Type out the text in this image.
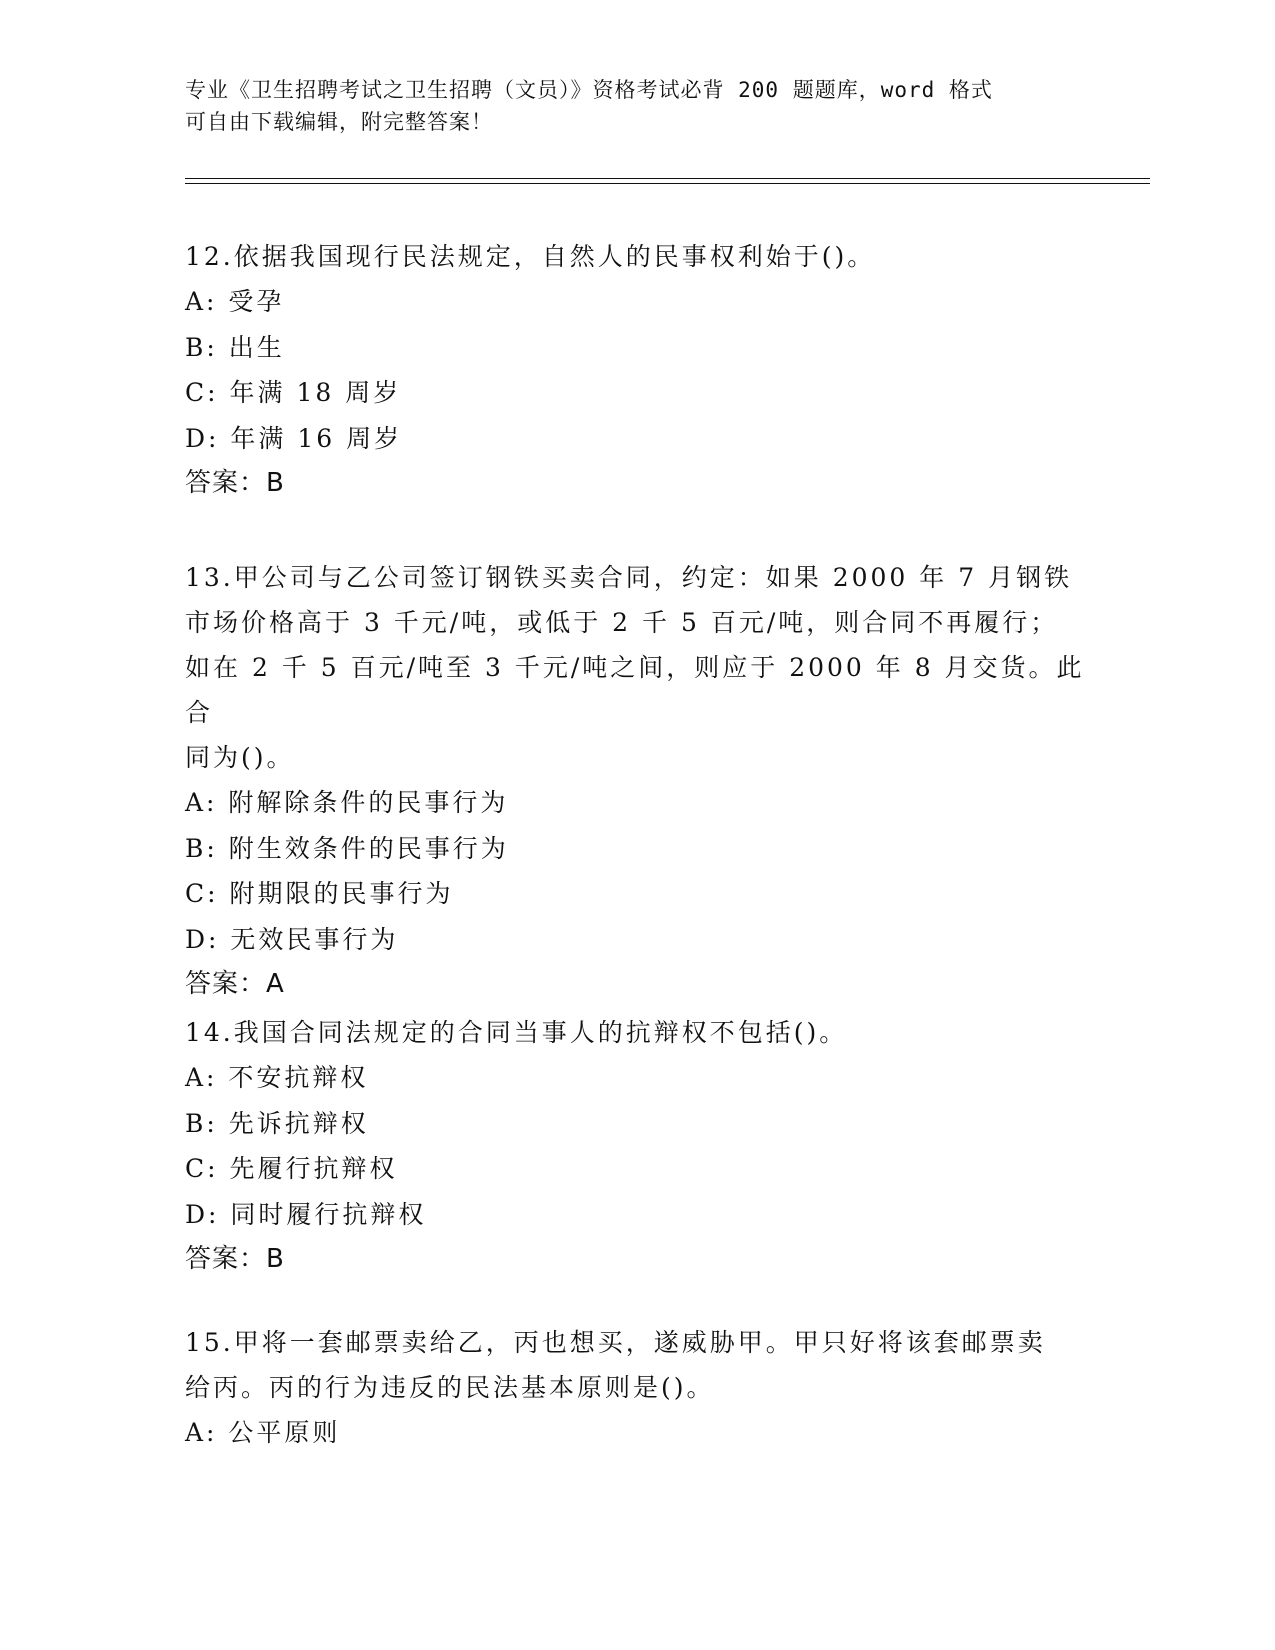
专业《卫生招聘考试之卫生招聘（文员）》资格考试必背 200 题题库，word 格式
可自由下载编辑，附完整答案！
12.依据我国现行民法规定，自然人的民事权利始于()。
A: 受孕
B: 出生
C: 年满 18 周岁
D: 年满 16 周岁
答案：B
13.甲公司与乙公司签订钢铁买卖合同，约定：如果 2000 年 7 月钢铁
市场价格高于 3 千元/吨，或低于 2 千 5 百元/吨，则合同不再履行；
如在 2 千 5 百元/吨至 3 千元/吨之间，则应于 2000 年 8 月交货。此合
同为()。
A: 附解除条件的民事行为
B: 附生效条件的民事行为
C: 附期限的民事行为
D: 无效民事行为
答案：A
14.我国合同法规定的合同当事人的抗辩权不包括()。
A: 不安抗辩权
B: 先诉抗辩权
C: 先履行抗辩权
D: 同时履行抗辩权
答案：B
15.甲将一套邮票卖给乙，丙也想买，遂威胁甲。甲只好将该套邮票卖
给丙。丙的行为违反的民法基本原则是()。
A: 公平原则
